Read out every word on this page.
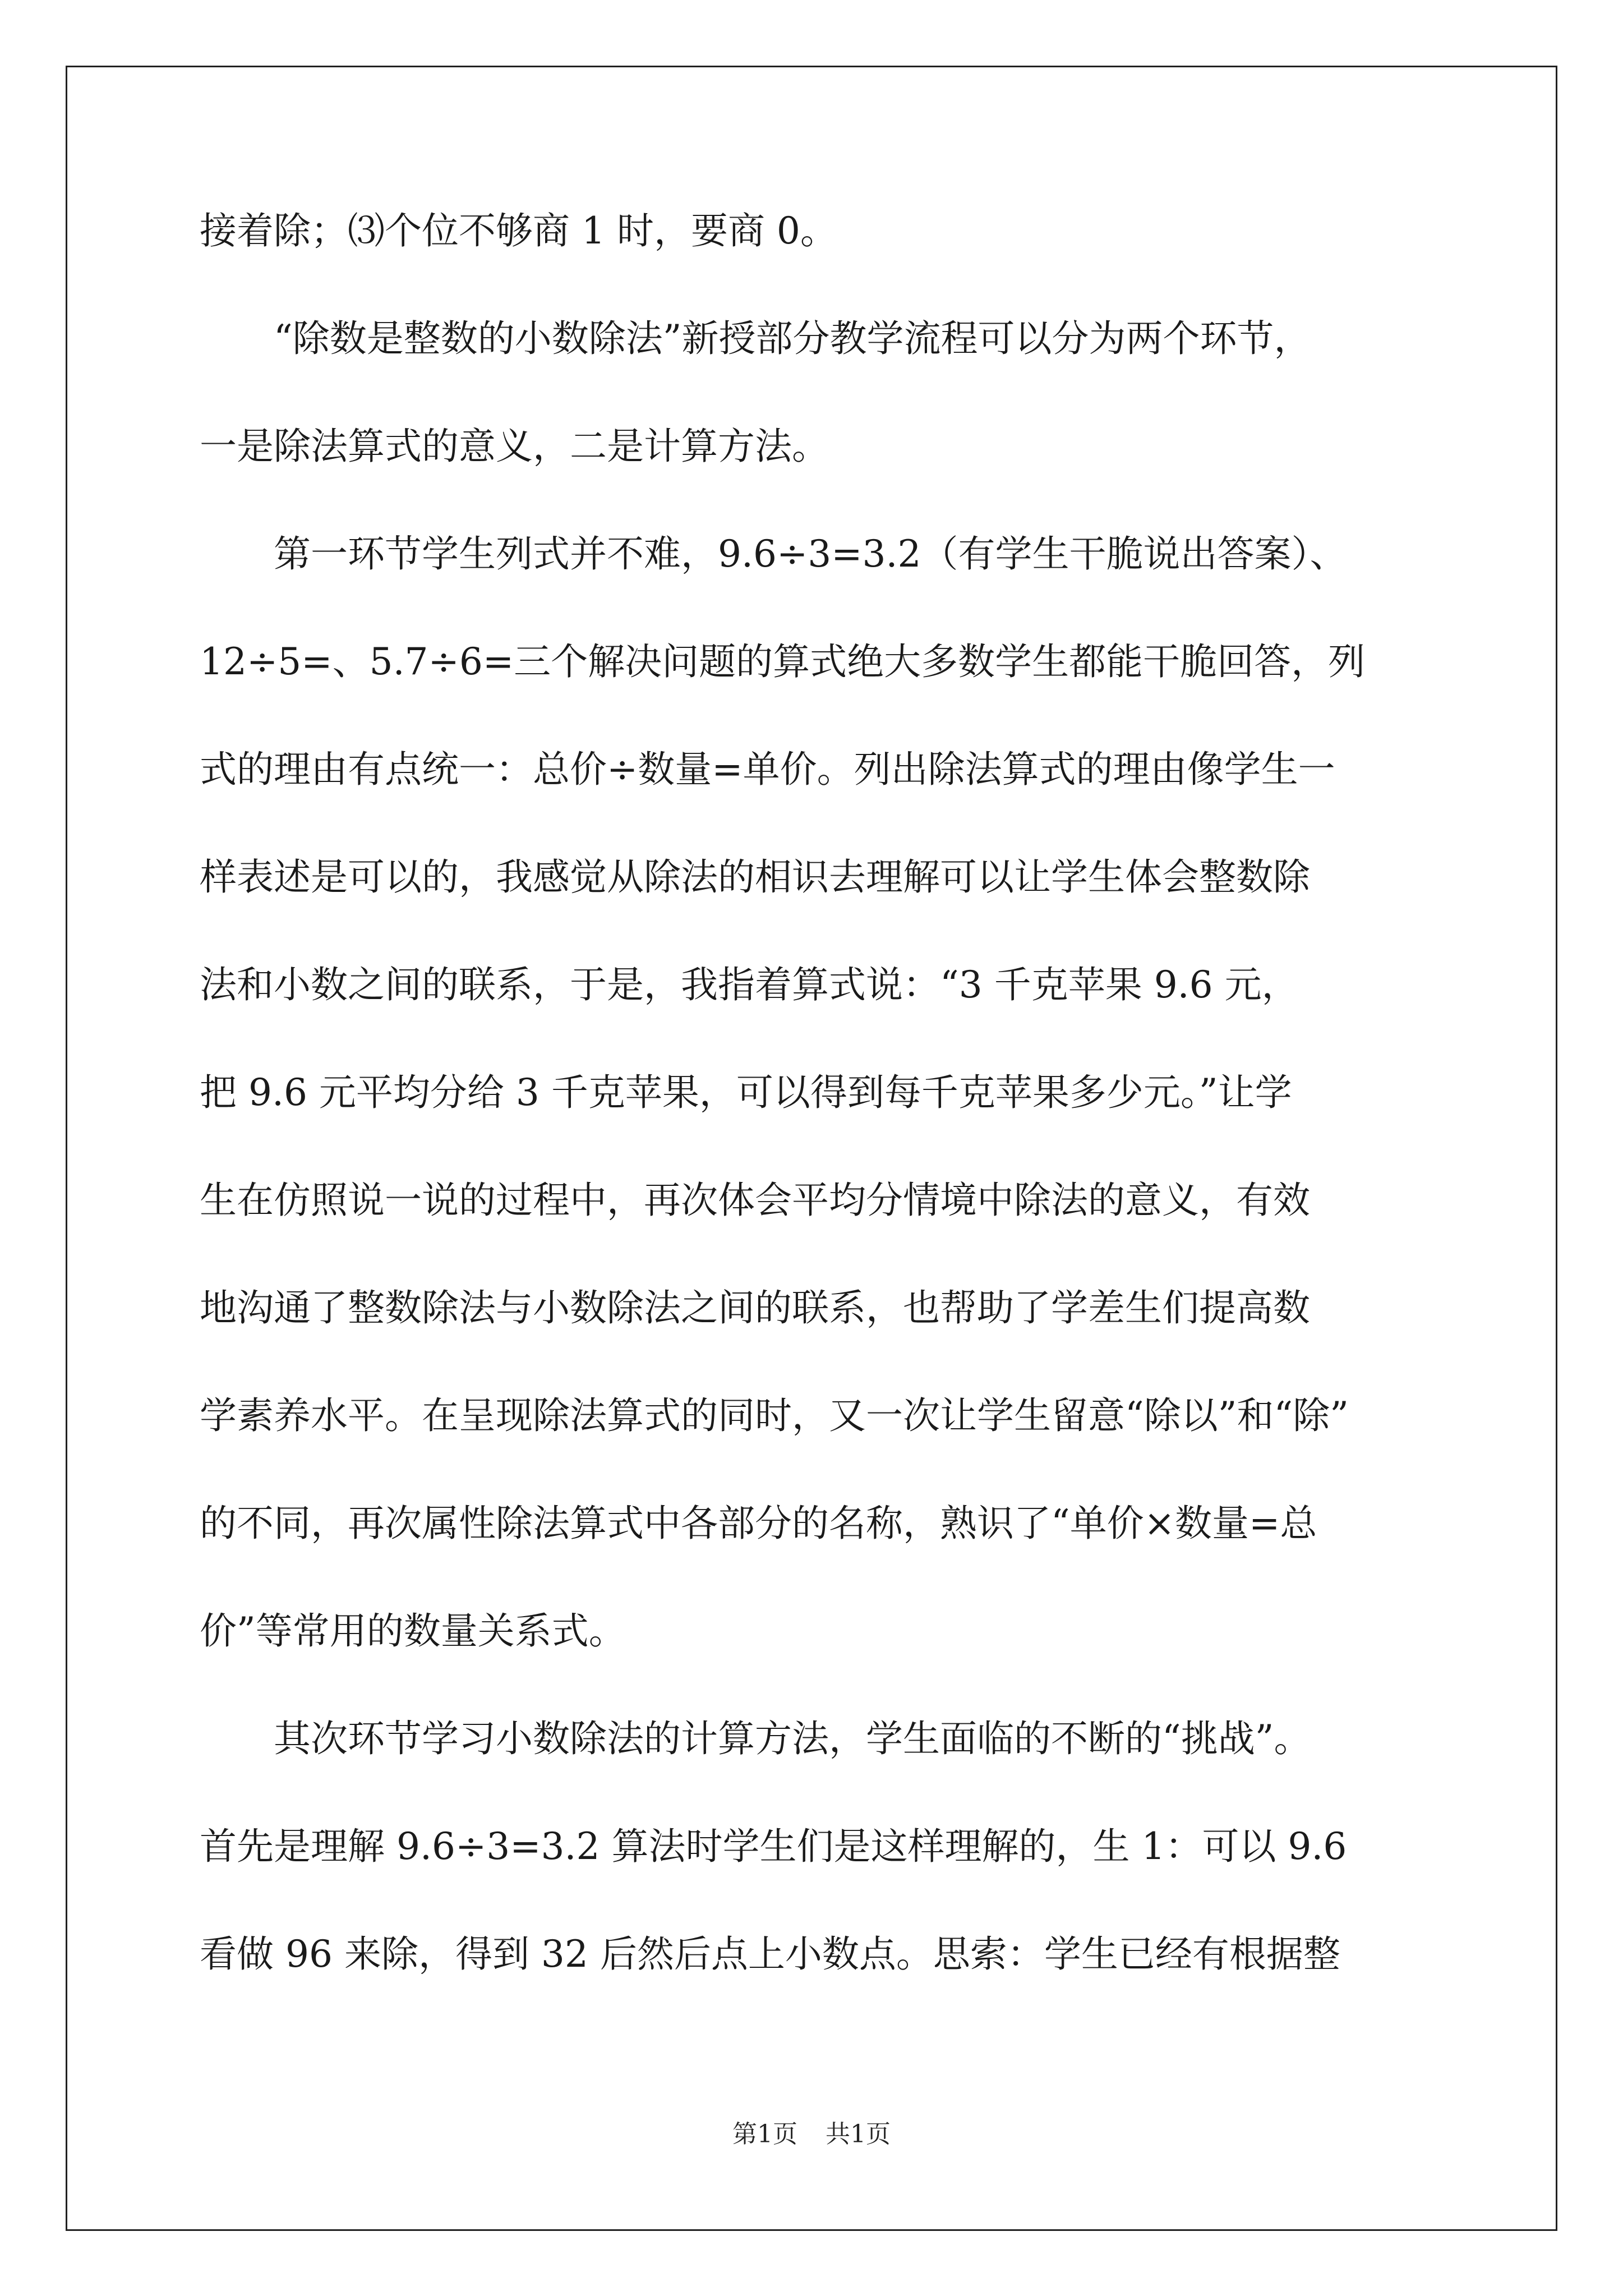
接着除；⑶个位不够商 1 时，要商 0。
　　“除数是整数的小数除法”新授部分教学流程可以分为两个环节，
一是除法算式的意义，二是计算方法。
　　第一环节学生列式并不难，9.6÷3=3.2（有学生干脆说出答案）、
12÷5=、5.7÷6=三个解决问题的算式绝大多数学生都能干脆回答，列
式的理由有点统一：总价÷数量=单价。列出除法算式的理由像学生一
样表述是可以的，我感觉从除法的相识去理解可以让学生体会整数除
法和小数之间的联系，于是，我指着算式说：“3 千克苹果 9.6 元，
把 9.6 元平均分给 3 千克苹果，可以得到每千克苹果多少元。”让学
生在仿照说一说的过程中，再次体会平均分情境中除法的意义，有效
地沟通了整数除法与小数除法之间的联系，也帮助了学差生们提高数
学素养水平。在呈现除法算式的同时，又一次让学生留意“除以”和“除”
的不同，再次属性除法算式中各部分的名称，熟识了“单价×数量=总
价”等常用的数量关系式。
　　其次环节学习小数除法的计算方法，学生面临的不断的“挑战”。
首先是理解 9.6÷3=3.2 算法时学生们是这样理解的，生 1：可以 9.6
看做 96 来除，得到 32 后然后点上小数点。思索：学生已经有根据整
第1页 共1页
